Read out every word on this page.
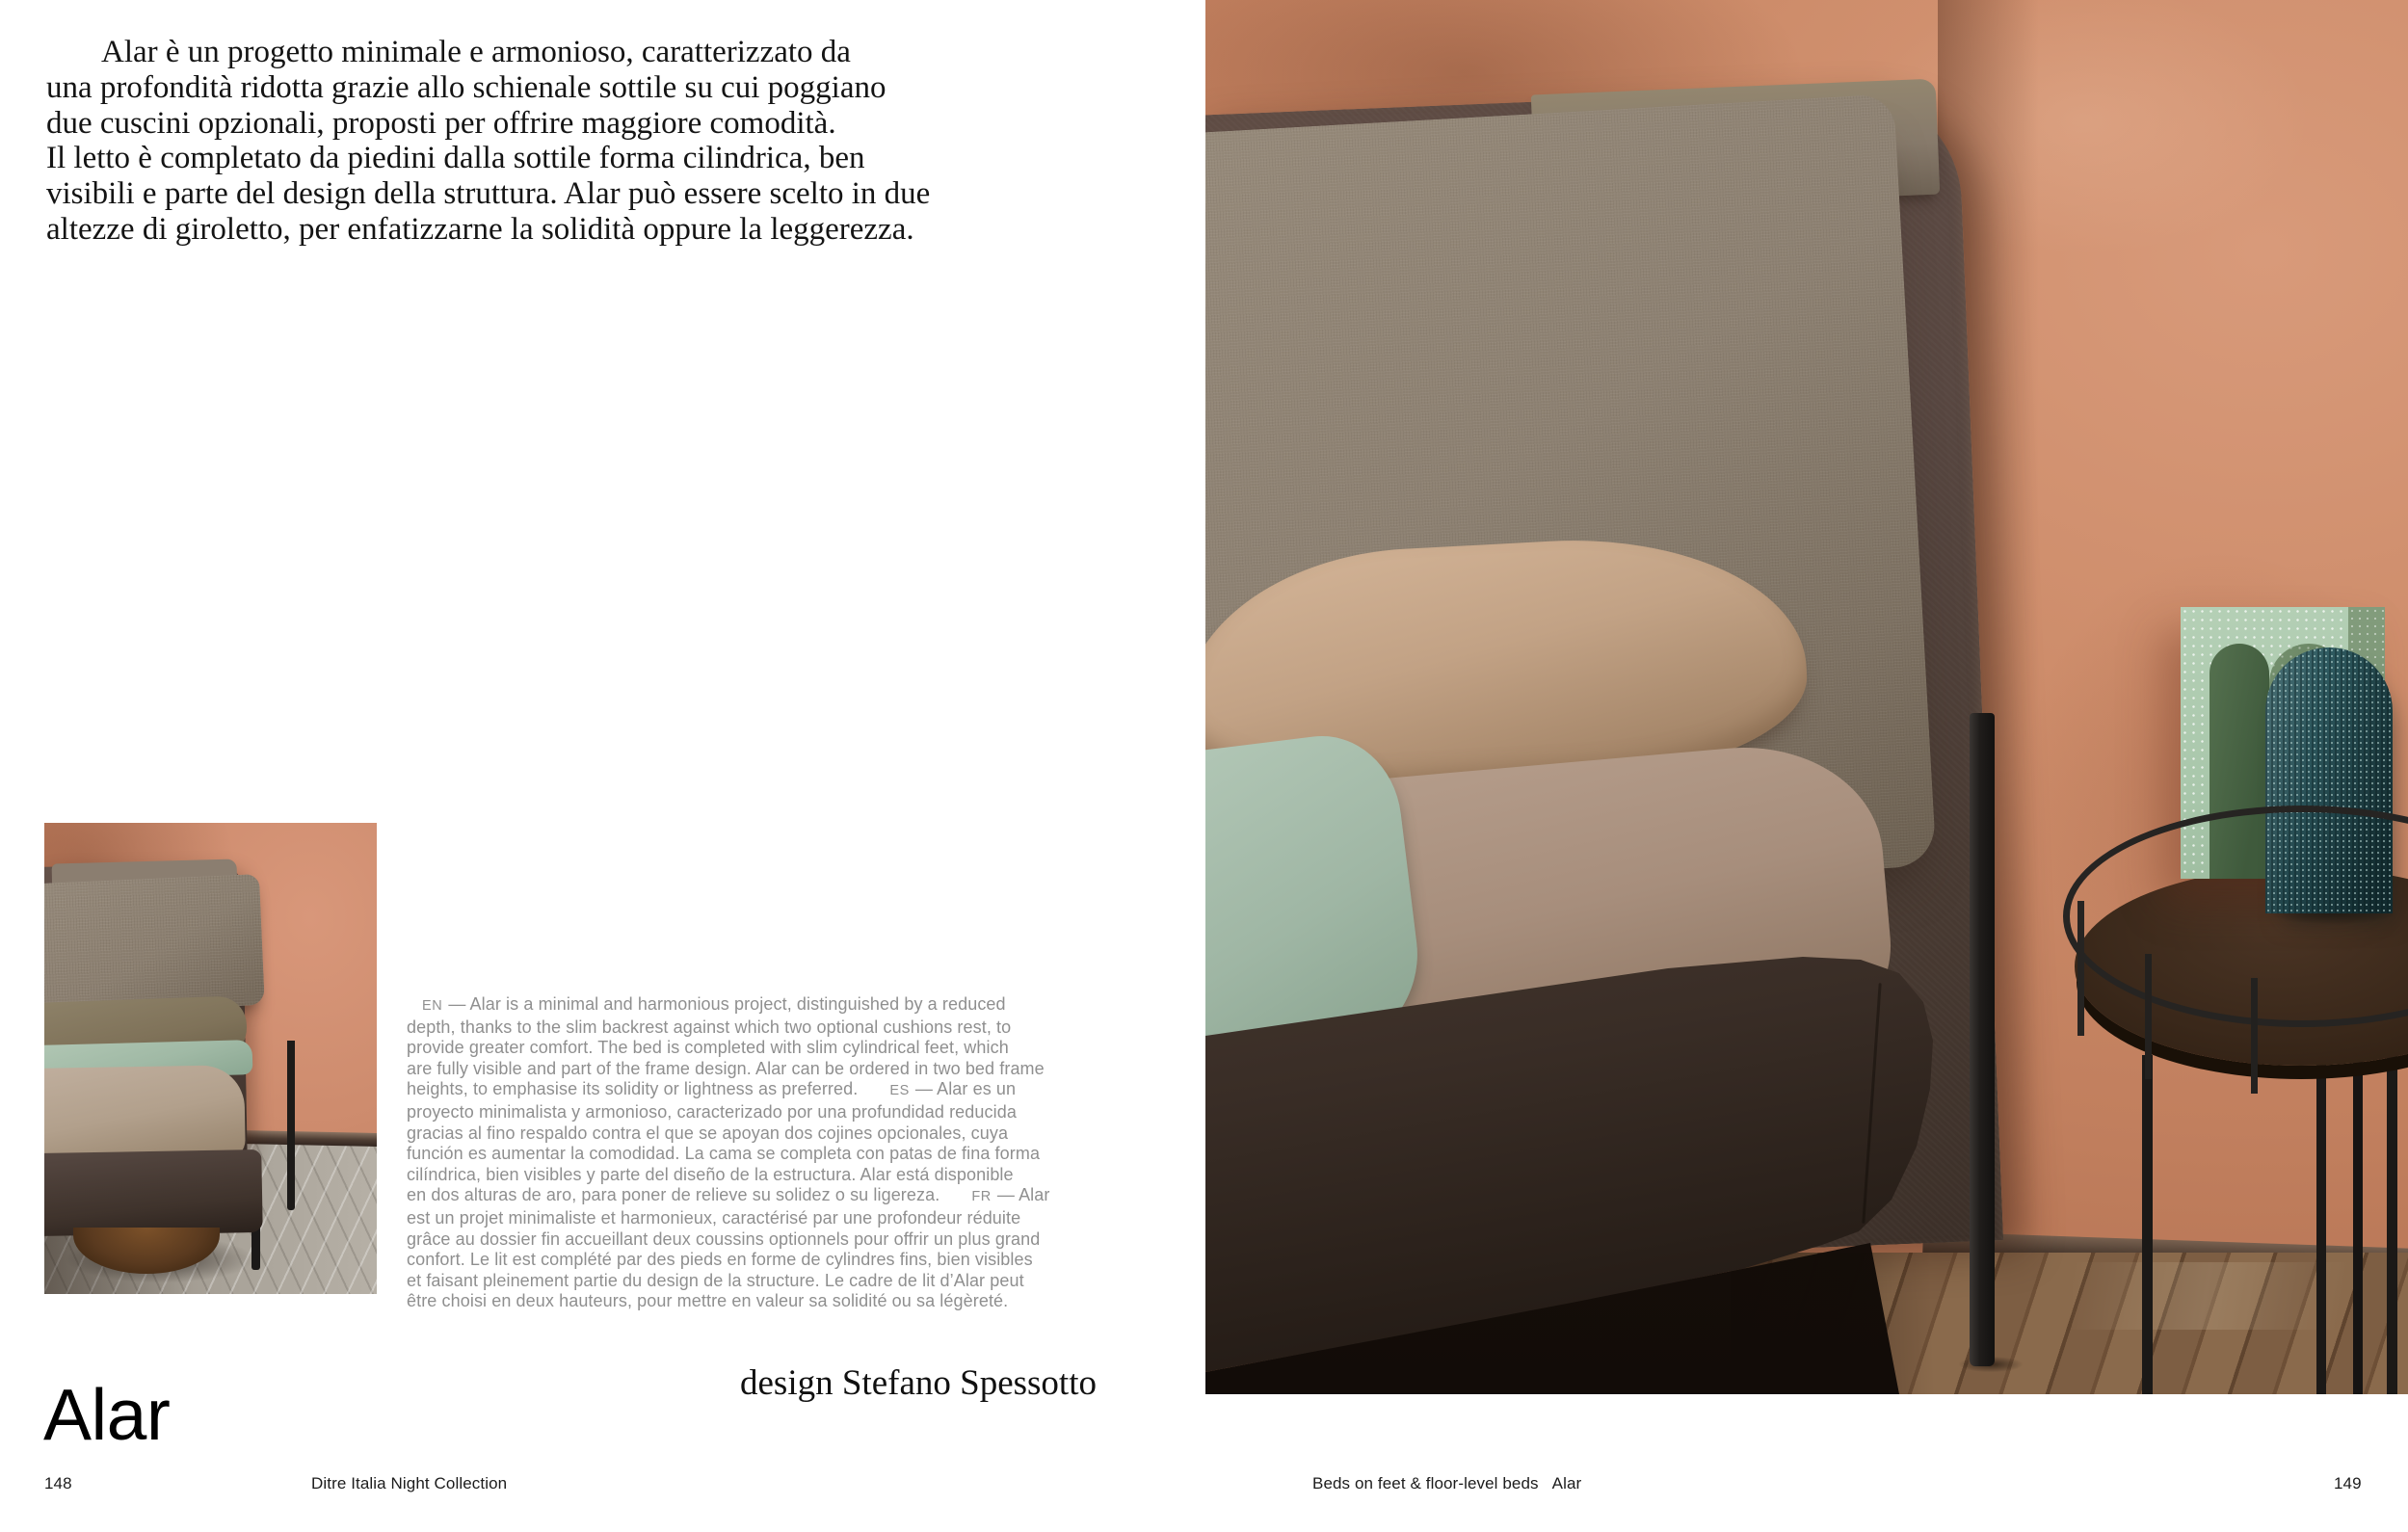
Alar è un progetto minimale e armonioso, caratterizzato da
una profondità ridotta grazie allo schienale sottile su cui poggiano
due cuscini opzionali, proposti per offrire maggiore comodità.
Il letto è completato da piedini dalla sottile forma cilindrica, ben
visibili e parte del design della struttura. Alar può essere scelto in due
altezze di giroletto, per enfatizzarne la solidità oppure la leggerezza.
EN — Alar is a minimal and harmonious project, distinguished by a reduced
depth, thanks to the slim backrest against which two optional cushions rest, to
provide greater comfort. The bed is completed with slim cylindrical feet, which
are fully visible and part of the frame design. Alar can be ordered in two bed frame
heights, to emphasise its solidity or lightness as preferred. ES — Alar es un
proyecto minimalista y armonioso, caracterizado por una profundidad reducida
gracias al fino respaldo contra el que se apoyan dos cojines opcionales, cuya
función es aumentar la comodidad. La cama se completa con patas de fina forma
cilíndrica, bien visibles y parte del diseño de la estructura. Alar está disponible
en dos alturas de aro, para poner de relieve su solidez o su ligereza. FR — Alar
est un projet minimaliste et harmonieux, caractérisé par une profondeur réduite
grâce au dossier fin accueillant deux coussins optionnels pour offrir un plus grand
confort. Le lit est complété par des pieds en forme de cylindres fins, bien visibles
et faisant pleinement partie du design de la structure. Le cadre de lit d’Alar peut
être choisi en deux hauteurs, pour mettre en valeur sa solidité ou sa légèreté.
Alar	design Stefano Spessotto
148	Ditre Italia Night Collection	Beds on feet & floor-level beds Alar	149
